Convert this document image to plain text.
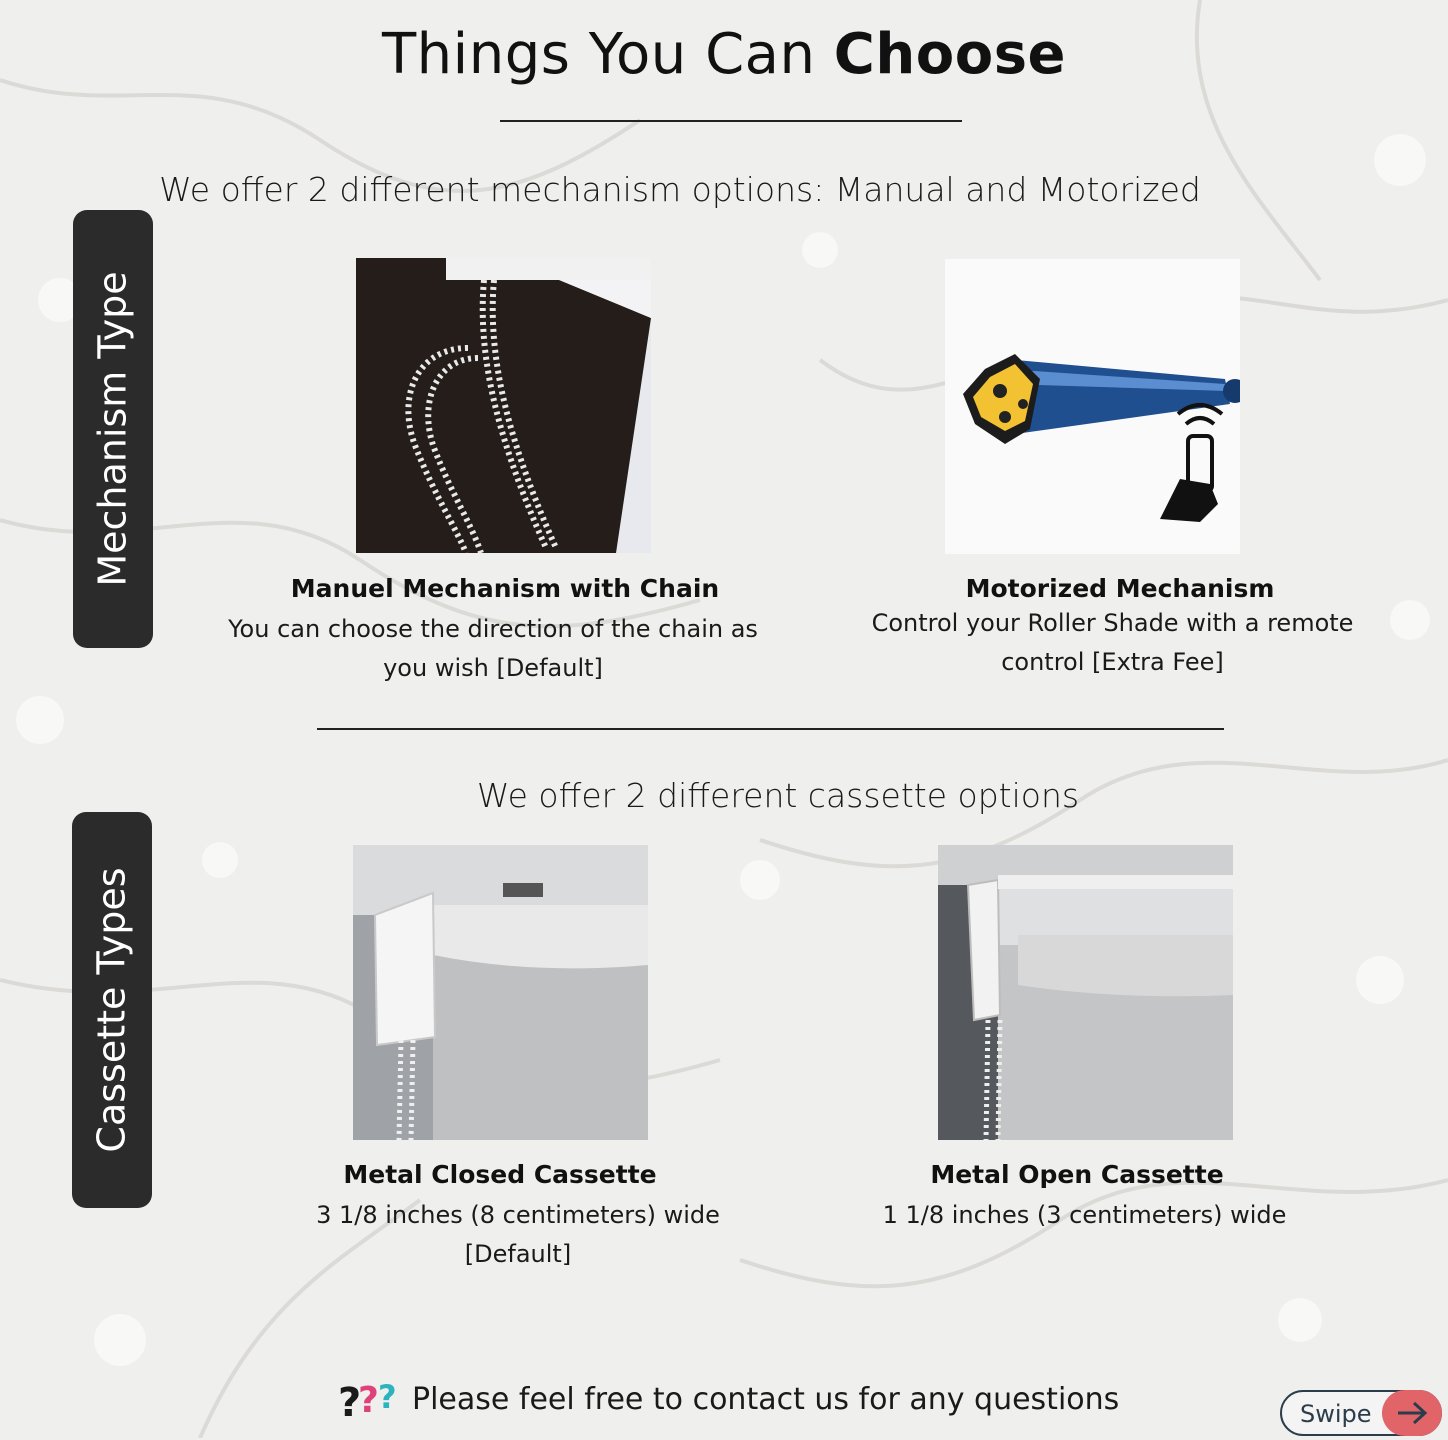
Things You Can Choose
We offer 2 different mechanism options: Manual and Motorized
Mechanism Type
Manuel Mechanism with Chain
You can choose the direction of the chain as you wish [Default]
Motorized Mechanism
Control your Roller Shade with a remote control [Extra Fee]
We offer 2 different cassette options
Cassette Types
Metal Closed Cassette
3 1/8 inches (8 centimeters) wide [Default]
Metal Open Cassette
1 1/8 inches (3 centimeters) wide
?
? ? Please feel free to contact us for any questions	Swipe
